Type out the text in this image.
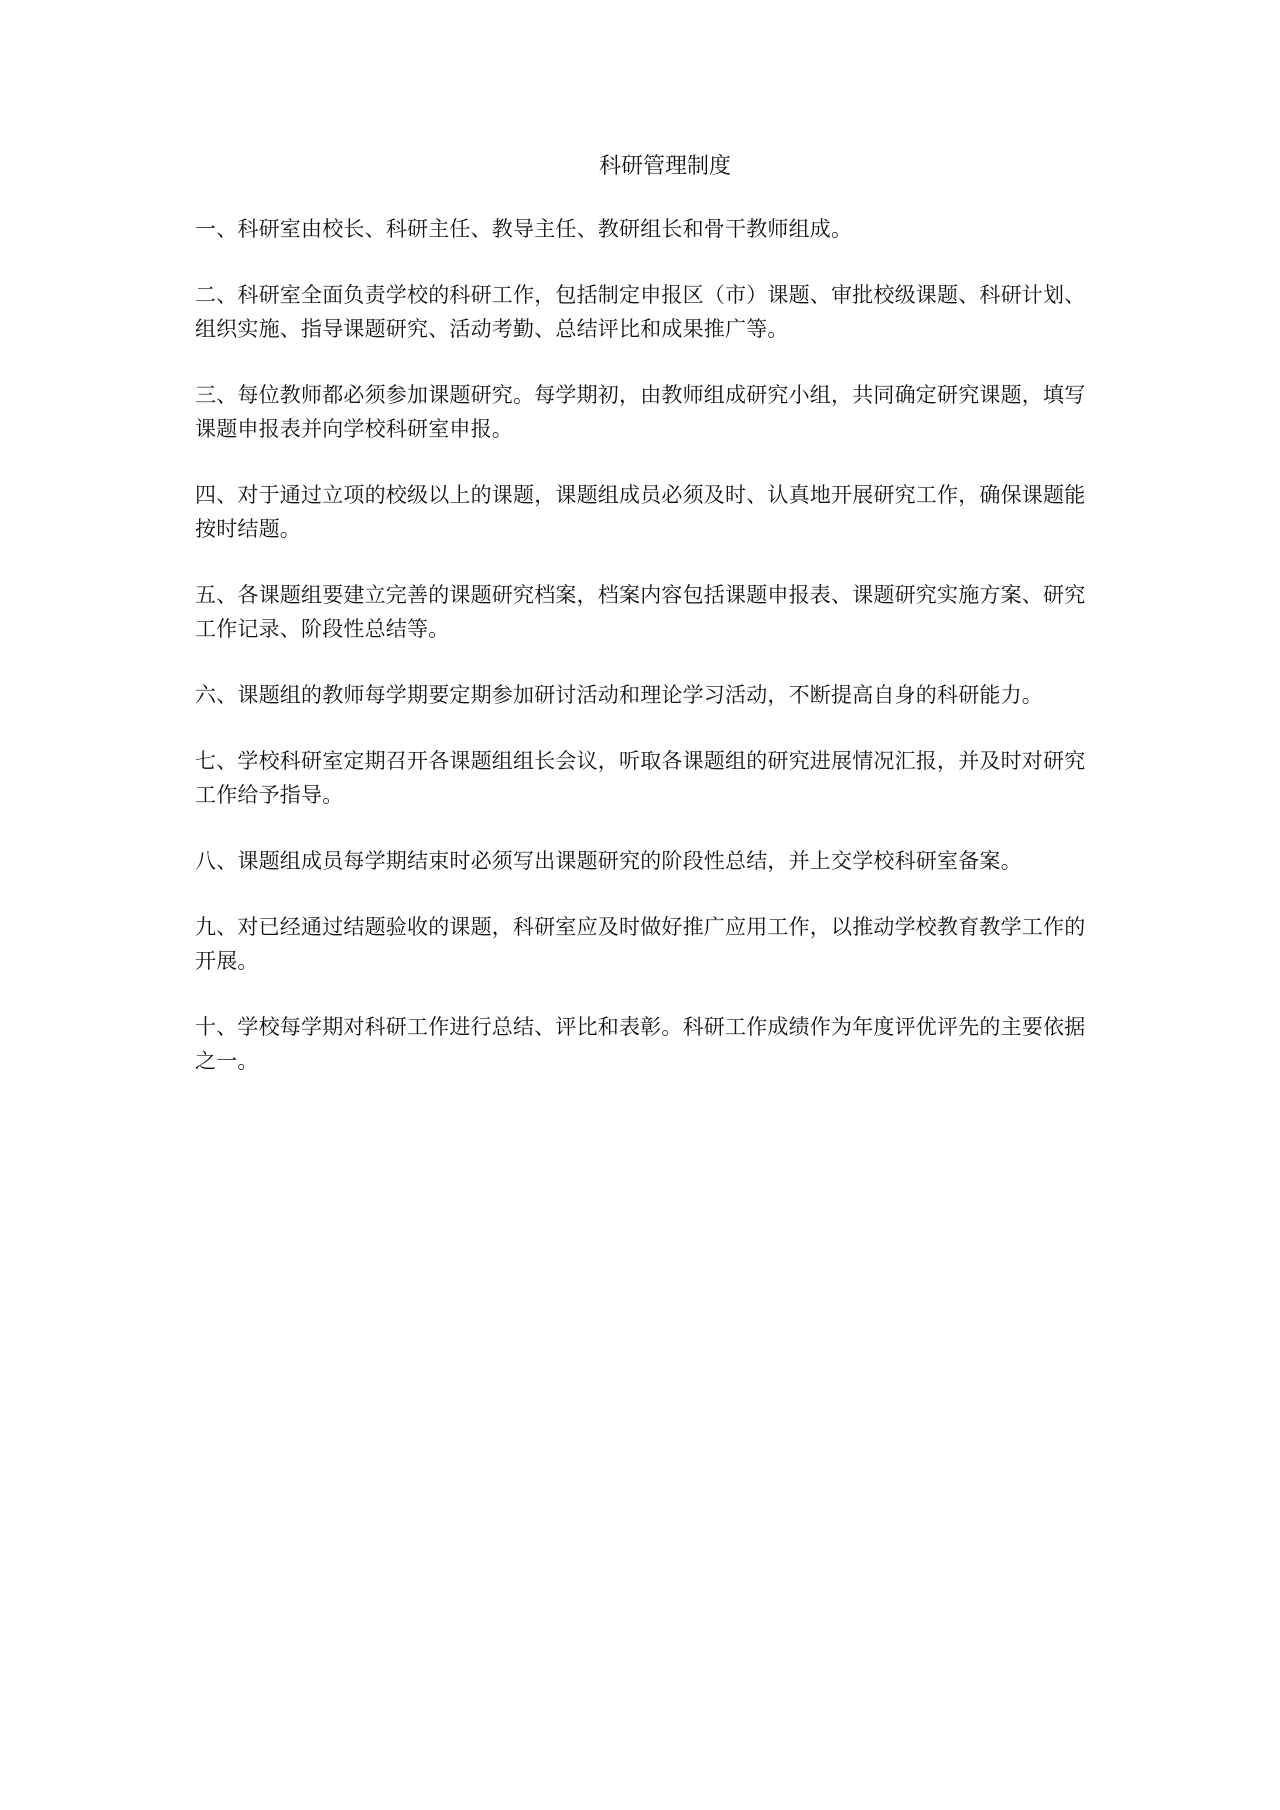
科研管理制度

一、科研室由校长、科研主任、教导主任、教研组长和骨干教师组成。

二、科研室全面负责学校的科研工作，包括制定申报区（市）课题、审批校级课题、科研计划、组织实施、指导课题研究、活动考勤、总结评比和成果推广等。

三、每位教师都必须参加课题研究。每学期初，由教师组成研究小组，共同确定研究课题，填写课题申报表并向学校科研室申报。

四、对于通过立项的校级以上的课题，课题组成员必须及时、认真地开展研究工作，确保课题能按时结题。

五、各课题组要建立完善的课题研究档案，档案内容包括课题申报表、课题研究实施方案、研究工作记录、阶段性总结等。

六、课题组的教师每学期要定期参加研讨活动和理论学习活动，不断提高自身的科研能力。

七、学校科研室定期召开各课题组组长会议，听取各课题组的研究进展情况汇报，并及时对研究工作给予指导。

八、课题组成员每学期结束时必须写出课题研究的阶段性总结，并上交学校科研室备案。

九、对已经通过结题验收的课题，科研室应及时做好推广应用工作，以推动学校教育教学工作的开展。

十、学校每学期对科研工作进行总结、评比和表彰。科研工作成绩作为年度评优评先的主要依据之一。
